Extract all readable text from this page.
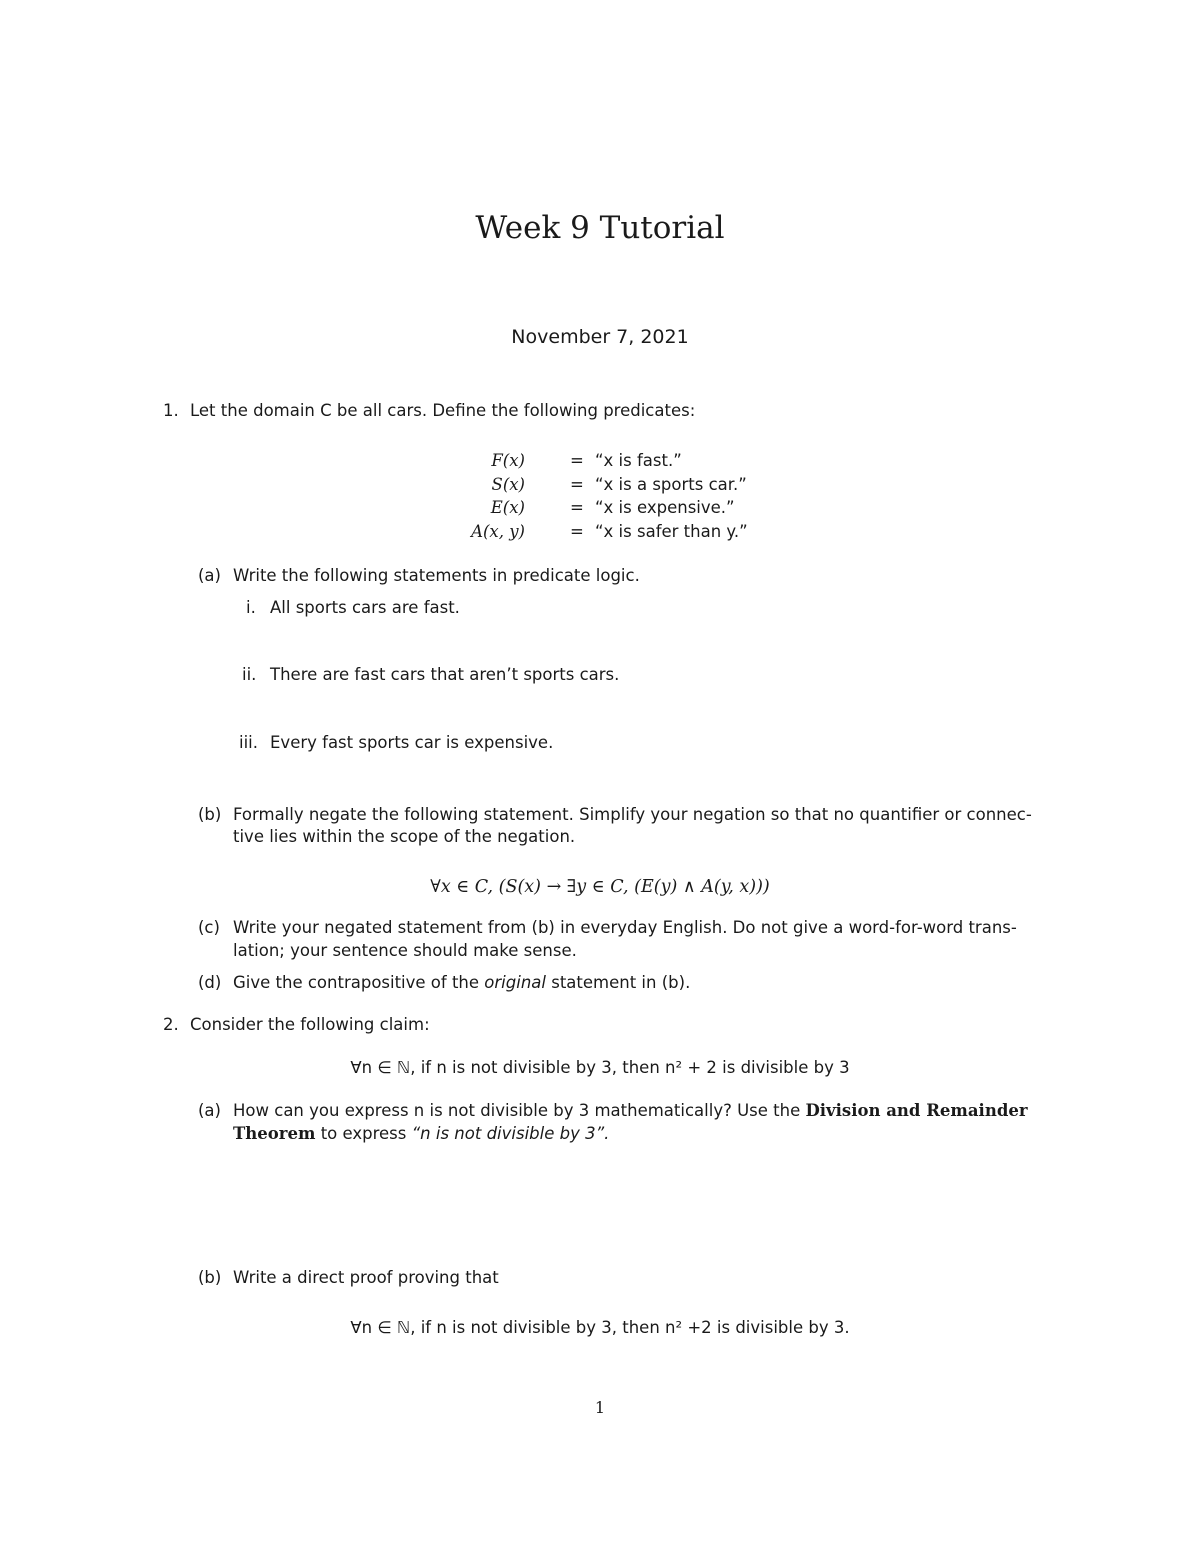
Week 9 Tutorial
November 7, 2021
1. Let the domain C be all cars. Define the following predicates:
F(x)	= “x is fast.”
S(x)	= “x is a sports car.”
E(x)	= “x is expensive.”
A(x, y)	= “x is safer than y.”
(a) Write the following statements in predicate logic.
i. All sports cars are fast.
ii. There are fast cars that aren’t sports cars.
iii. Every fast sports car is expensive.
(b) Formally negate the following statement. Simplify your negation so that no quantifier or connec-
tive lies within the scope of the negation.
∀x ∈ C, (S(x) → ∃y ∈ C, (E(y) ∧ A(y, x)))
(c) Write your negated statement from (b) in everyday English. Do not give a word-for-word trans-
lation; your sentence should make sense.
(d) Give the contrapositive of the original statement in (b).
2. Consider the following claim:
∀n ∈ ℕ, if n is not divisible by 3, then n² + 2 is divisible by 3
(a) How can you express n is not divisible by 3 mathematically? Use the Division and Remainder
Theorem to express “n is not divisible by 3”.
(b) Write a direct proof proving that
∀n ∈ ℕ, if n is not divisible by 3, then n² +2 is divisible by 3.
1
